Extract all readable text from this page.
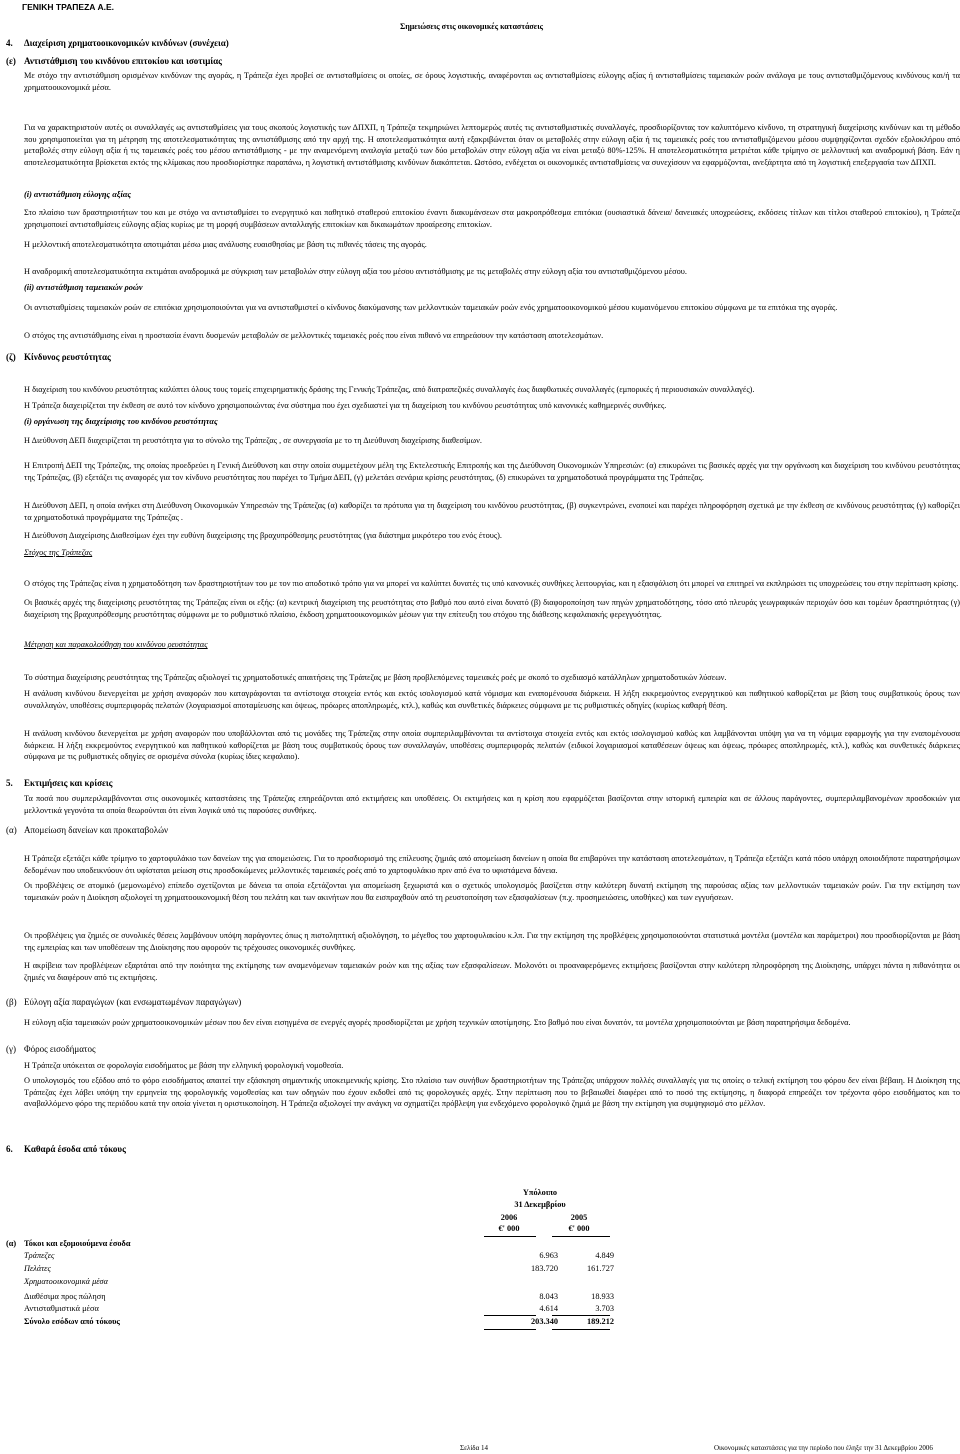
ΓΕΝΙΚΗ ΤΡΑΠΕΖΑ Α.Ε.
Σημειώσεις στις οικονομικές καταστάσεις
4. Διαχείριση χρηματοοικονομικών κινδύνων (συνέχεια)
(ε) Αντιστάθμιση του κινδύνου επιτοκίου και ισοτιμίας
Με στόχο την αντιστάθμιση ορισμένων κινδύνων της αγοράς, η Τράπεζα έχει προβεί σε αντισταθμίσεις οι οποίες, σε όρους λογιστικής, αναφέρονται ως αντισταθμίσεις εύλογης αξίας ή αντισταθμίσεις ταμειακών ροών ανάλογα με τους αντισταθμιζόμενους κινδύνους και/ή τα χρηματοοικονομικά μέσα.
Για να χαρακτηριστούν αυτές οι συναλλαγές ως αντισταθμίσεις για τους σκοπούς λογιστικής των ΔΠΧΠ, η Τράπεζα τεκμηριώνει λεπτομερώς αυτές τις αντισταθμιστικές συναλλαγές, προσδιορίζοντας τον καλυπτόμενο κίνδυνο, τη στρατηγική διαχείρισης κινδύνων και τη μέθοδο που χρησιμοποιείται για τη μέτρηση της αποτελεσματικότητας της αντιστάθμισης από την αρχή της. Η αποτελεσματικότητα αυτή εξακριβώνεται όταν οι μεταβολές στην εύλογη αξία ή τις ταμειακές ροές του αντισταθμιζόμενου μέσου συμψηφίζονται σχεδόν εξολοκλήρου από μεταβολές στην εύλογη αξία ή τις ταμειακές ροές του μέσου αντιστάθμισης - με την αναμενόμενη αναλογία μεταξύ των δύο μεταβολών στην εύλογη αξία να είναι μεταξύ 80%-125%. Η αποτελεσματικότητα μετριέται κάθε τρίμηνο σε μελλοντική και αναδρομική βάση. Εάν η αποτελεσματικότητα βρίσκεται εκτός της κλίμακας που προσδιορίστηκε παραπάνω, η λογιστική αντιστάθμισης κινδύνων διακόπτεται. Ωστόσο, ενδέχεται οι οικονομικές αντισταθμίσεις να συνεχίσουν να εφαρμόζονται, ανεξάρτητα από τη λογιστική επεξεργασία των ΔΠΧΠ.
(i) αντιστάθμιση εύλογης αξίας
Στο πλαίσιο των δραστηριοτήτων του και με στόχο να αντισταθμίσει το ενεργητικό και παθητικό σταθερού επιτοκίου έναντι διακυμάνσεων στα μακροπρόθεσμα επιτόκια (ουσιαστικά δάνεια/ δανειακές υποχρεώσεις, εκδόσεις τίτλων και τίτλοι σταθερού επιτοκίου), η Τράπεζα χρησιμοποιεί αντισταθμίσεις εύλογης αξίας κυρίως με τη μορφή συμβάσεων ανταλλαγής επιτοκίων και δικαιωμάτων προαίρεσης επιτοκίων.
Η μελλοντική αποτελεσματικότητα αποτιμάται μέσω μιας ανάλυσης ευαισθησίας με βάση τις πιθανές τάσεις της αγοράς.
Η αναδρομική αποτελεσματικότητα εκτιμάται αναδρομικά με σύγκριση των μεταβολών στην εύλογη αξία του μέσου αντιστάθμισης με τις μεταβολές στην εύλογη αξία του αντισταθμιζόμενου μέσου.
(ii) αντιστάθμιση ταμειακών ροών
Οι αντισταθμίσεις ταμειακών ροών σε επιτόκια χρησιμοποιούνται για να αντισταθμιστεί ο κίνδυνος διακύμανσης των μελλοντικών ταμειακών ροών ενός χρηματοοικονομικού μέσου κυμαινόμενου επιτοκίου σύμφωνα με τα επιτόκια της αγοράς.
Ο στόχος της αντιστάθμισης είναι η προστασία έναντι δυσμενών μεταβολών σε μελλοντικές ταμειακές ροές που είναι πιθανό να επηρεάσουν την κατάσταση αποτελεσμάτων.
(ζ) Κίνδυνος ρευστότητας
Η διαχείριση του κινδύνου ρευστότητας καλύπτει όλους τους τομείς επιχειρηματικής δράσης της Γενικής Τράπεζας, από διατραπεζικές συναλλαγές έως διαφθωτικές συναλλαγές (εμπορικές ή περιουσιακών συναλλαγές).
Η Τράπεζα διαχειρίζεται την έκθεση σε αυτό τον κίνδυνο χρησιμοποιώντας ένα σύστημα που έχει σχεδιαστεί για τη διαχείριση του κινδύνου ρευστότητας υπό κανονικές καθημερινές συνθήκες.
(i) οργάνωση της διαχείρισης του κινδύνου ρευστότητας
Η Διεύθυνση ΔΕΠ διαχειρίζεται τη ρευστότητα για το σύνολο της Τράπεζας , σε συνεργασία με το τη Διεύθυνση διαχείρισης διαθεσίμων.
Η Επιτροπή ΔΕΠ της Τράπεζας, της οποίας προεδρεύει η Γενική Διεύθυνση και στην οποία συμμετέχουν μέλη της Εκτελεστικής Επιτροπής και της Διεύθυνση Οικονομικών Υπηρεσιών: (α) επικυρώνει τις βασικές αρχές για την οργάνωση και διαχείριση του κινδύνου ρευστότητας της Τράπεζας, (β) εξετάζει τις αναφορές για τον κίνδυνο ρευστότητας που παρέχει το Τμήμα ΔΕΠ, (γ) μελετάει σενάρια κρίσης ρευστότητας, (δ) επικυρώνει τα χρηματοδοτικά προγράμματα της Τράπεζας.
Η Διεύθυνση ΔΕΠ, η οποία ανήκει στη Διεύθυνση Οικονομικών Υπηρεσιών της Τράπεζας (α) καθορίζει τα πρότυπα για τη διαχείριση του κινδύνου ρευστότητας, (β) συγκεντρώνει, ενοποιεί και παρέχει πληροφόρηση σχετικά με την έκθεση σε κινδύνους ρευστότητας (γ) καθορίζει τα χρηματοδοτικά προγράμματα της Τράπεζας .
Η Διεύθυνση Διαχείρισης Διαθεσίμων έχει την ευθύνη διαχείρισης της βραχυπρόθεσμης ρευστότητας (για διάστημα μικρότερο του ενός έτους).
Στόχος της Τράπεζας
Ο στόχος της Τράπεζας είναι η χρηματοδότηση των δραστηριοτήτων του με τον πιο αποδοτικό τρόπο για να μπορεί να καλύπτει δυνατές τις υπό κανονικές συνθήκες λειτουργίας, και η εξασφάλιση ότι μπορεί να επιτηρεί να εκπληρώσει τις υποχρεώσεις του στην περίπτωση κρίσης.
Οι βασικές αρχές της διαχείρισης ρευστότητας της Τράπεζας είναι οι εξής: (α) κεντρική διαχείριση της ρευστότητας στο βαθμό που αυτό είναι δυνατό (β) διαφοροποίηση των πηγών χρηματοδότησης, τόσο από πλευράς γεωγραφικών περιοχών όσο και τομέων δραστηριότητας (γ) διαχείριση της βραχυπρόθεσμης ρευστότητας σύμφωνα με το ρυθμιστικό πλαίσιο, έκδοση χρηματοοικονομικών μέσων για την επίτευξη του στόχου της διάθεσης κεφαλαιακής φερεγγυότητας.
Μέτρηση και παρακολούθηση του κινδύνου ρευστότητας
Το σύστημα διαχείρισης ρευστότητας της Τράπεζας αξιολογεί τις χρηματοδοτικές απαιτήσεις της Τράπεζας με βάση προβλεπόμενες ταμειακές ροές με σκοπό το σχεδιασμό κατάλληλων χρηματοδοτικών λύσεων.
Η ανάλυση κινδύνου διενεργείται με χρήση αναφορών που καταγράφονται τα αντίστοιχα στοιχεία εντός και εκτός ισολογισμού κατά νόμισμα και εναπομένουσα διάρκεια. Η λήξη εκκρεμούντος ενεργητικού και παθητικού καθορίζεται με βάση τους συμβατικούς όρους των συναλλαγών, υποθέσεις συμπεριφοράς πελατών (λογαριασμοί αποταμίευσης και όψεως, πρόωρες αποπληρωμές, κτλ.), καθώς και συνθετικές διάρκειες σύμφωνα με τις ρυθμιστικές οδηγίες (κυρίως καθαρή θέση.
Η ανάλυση κινδύνου διενεργείται με χρήση αναφορών που υποβάλλονται από τις μονάδες της Τράπεζας στην οποία συμπεριλαμβάνονται τα αντίστοιχα στοιχεία εντός και εκτός ισολογισμού καθώς και λαμβάνονται υπόψη για να τη νόμιμα εφαρμογής για την εναπομένουσα διάρκεια. Η λήξη εκκρεμούντος ενεργητικού και παθητικού καθορίζεται με βάση τους συμβατικούς όρους των συναλλαγών, υποθέσεις συμπεριφοράς πελατών (ειδικοί λογαριασμοί καταθέσεων όψεως και όψεως, πρόωρες αποπληρωμές, κτλ.), καθώς και συνθετικές διάρκειες σύμφωνα με τις ρυθμιστικές οδηγίες σε ορισμένα σύνολα (κυρίως ίδιες κεφαλαιο).
5. Εκτιμήσεις και κρίσεις
Τα ποσά που συμπεριλαμβάνονται στις οικονομικές καταστάσεις της Τράπεζας επηρεάζονται από εκτιμήσεις και υποθέσεις. Οι εκτιμήσεις και η κρίση που εφαρμόζεται βασίζονται στην ιστορική εμπειρία και σε άλλους παράγοντες, συμπεριλαμβανομένων προσδοκιών για μελλοντικά γεγονότα τα οποία θεωρούνται ότι είναι λογικά υπό τις παρούσες συνθήκες.
(α) Απομείωση δανείων και προκαταβολών
Η Τράπεζα εξετάζει κάθε τρίμηνο το χαρτοφυλάκιο των δανείων της για απομειώσεις. Για το προσδιορισμό της επίλευσης ζημιάς από απομείωση δανείων η οποία θα επιβαρύνει την κατάσταση αποτελεσμάτων, η Τράπεζα εξετάζει κατά πόσο υπάρχη οποιοιδήποτε παρατηρήσιμων δεδομένων που υποδεικνύουν ότι υφίσταται μείωση στις προσδοκώμενες μελλοντικές ταμειακές ροές από το χαρτοφυλάκιο πριν από ένα το υφιστάμενα δάνεια.
Οι προβλέψεις σε ατομικό (μεμονωμένο) επίπεδο σχετίζονται με δάνεια τα οποία εξετάζονται για απομείωση ξεχωριστά και ο σχετικός υπολογισμός βασίζεται στην καλύτερη δυνατή εκτίμηση της παρούσας αξίας των μελλοντικών ταμειακών ροών. Για την εκτίμηση των ταμειακών ροών η Διοίκηση αξιολογεί τη χρηματοοικονομική θέση του πελάτη και των ακινήτων που θα εισπραχθούν από τη ρευστοποίηση των εξασφαλίσεων (π.χ. προσημειώσεις, υποθήκες) και των εγγυήσεων.
Οι προβλέψεις για ζημιές σε συνολικές θέσεις λαμβάνουν υπόψη παράγοντες όπως η πιστοληπτική αξιολόγηση, το μέγεθος του χαρτοφυλακίου κ.λπ. Για την εκτίμηση της προβλέψεις χρησιμοποιούνται στατιστικά μοντέλα (μοντέλα και παράμετροι) που προσδιορίζονται με βάση της εμπειρίας και των υποθέσεων της Διοίκησης που αφορούν τις τρέχουσες οικονομικές συνθήκες.
Η ακρίβεια των προβλέψεων εξαρτάται από την ποιότητα της εκτίμησης των αναμενόμενων ταμειακών ροών και της αξίας των εξασφαλίσεων. Μολονότι οι προαναφερόμενες εκτιμήσεις βασίζονται στην καλύτερη πληροφόρηση της Διοίκησης, υπάρχει πάντα η πιθανότητα οι ζημιές να διαφέρουν από τις εκτιμήσεις.
(β) Εύλογη αξία παραγώγων (και ενσωματωμένων παραγώγων)
Η εύλογη αξία ταμειακών ροών χρηματοοικονομικών μέσων που δεν είναι εισηγμένα σε ενεργές αγορές προσδιορίζεται με χρήση τεχνικών αποτίμησης. Στο βαθμό που είναι δυνατόν, τα μοντέλα χρησιμοποιούνται με βάση παρατηρήσιμα δεδομένα.
(γ) Φόρος εισοδήματος
Η Τράπεζα υπόκειται σε φορολογία εισοδήματος με βάση την ελληνική φορολογική νομοθεσία.
Ο υπολογισμός του εξόδου από το φόρο εισοδήματος απαιτεί την εξάσκηση σημαντικής υποκειμενικής κρίσης. Στο πλαίσιο των συνήθων δραστηριοτήτων της Τράπεζας υπάρχουν πολλές συναλλαγές για τις οποίες ο τελική εκτίμηση του φόρου δεν είναι βέβαιη. Η Διοίκηση της Τράπεζας έχει λάβει υπόψη την ερμηνεία της φορολογικής νομοθεσίας και των οδηγιών που έχουν εκδοθεί από τις φορολογικές αρχές. Στην περίπτωση που το βεβαιωθεί διαφέρει από το ποσό της εκτίμησης, η διαφορά επηρεάζει τον τρέχοντα φόρο εισοδήματος και το αναβαλλόμενο φόρο της περιόδου κατά την οποία γίνεται η οριστικοποίηση. Η Τράπεζα αξιολογεί την ανάγκη να σχηματίζει πρόβλεψη για ενδεχόμενο φορολογικό ζημιά με βάση την εκτίμηση για συμψηφισμό στο μέλλον.
6. Καθαρά έσοδα από τόκους
Υπόλοιπο
31 Δεκεμβρίου
2006	2005
€' 000	€' 000
(α) Τόκοι και εξομοιούμενα έσοδα
Τράπεζες	6.963	4.849
Πελάτες	183.720	161.727
Χρηματοοικονομικά μέσα
Διαθέσιμα προς πώληση	8.043	18.933
Αντισταθμιστικά μέσα	4.614	3.703
Σύνολο εσόδων από τόκους	203.340	189.212
Σελίδα 14	Οικονομικές καταστάσεις για την περίοδο που έληξε την 31 Δεκεμβρίου 2006
